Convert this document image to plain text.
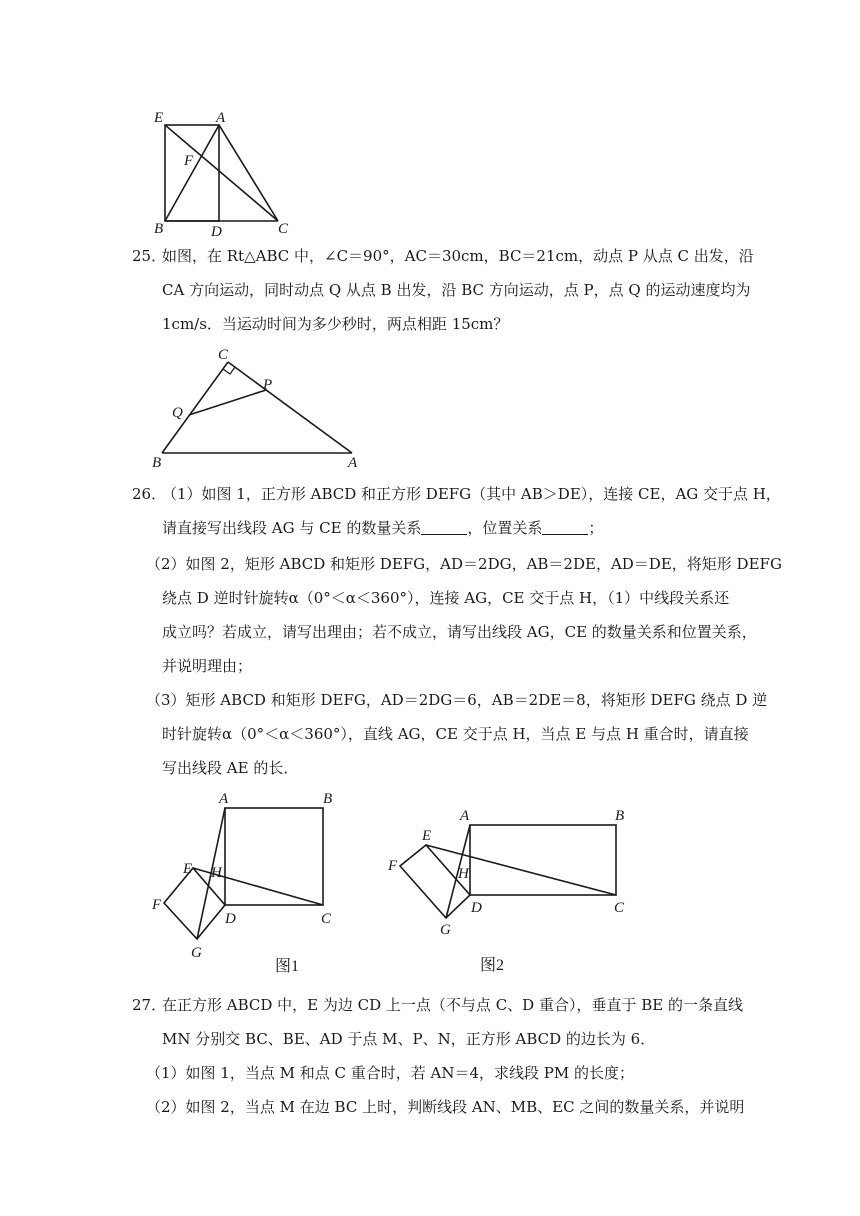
E	A
F
B	D	C
25．
如图，在 Rt△ABC 中，∠C＝90°，AC＝30cm，BC＝21cm，动点 P 从点 C 出发，沿
CA 方向运动，同时动点 Q 从点 B 出发，沿 BC 方向运动，点 P，点 Q 的运动速度均为
1cm/s．当运动时间为多少秒时，两点相距 15cm？
C
P
Q
B	A
26．
（1）如图 1，正方形 ABCD 和正方形 DEFG（其中 AB＞DE），连接 CE，AG 交于点 H，
请直接写出线段 AG 与 CE 的数量关系	，位置关系	；
（2）如图 2，矩形 ABCD 和矩形 DEFG，AD＝2DG，AB＝2DE，AD＝DE，将矩形 DEFG
绕点 D 逆时针旋转α（0°＜α＜360°），连接 AG，CE 交于点 H，（1）中线段关系还
成立吗？若成立，请写出理由；若不成立，请写出线段 AG，CE 的数量关系和位置关系，
并说明理由；
（3）矩形 ABCD 和矩形 DEFG，AD＝2DG＝6，AB＝2DE＝8，将矩形 DEFG 绕点 D 逆
时针旋转α（0°＜α＜360°），直线 AG，CE 交于点 H，当点 E 与点 H 重合时，请直接
写出线段 AE 的长．
A	B
E H
F
D	C
G
图1
A	B
E
F	H
D	C
G
图2
27．
在正方形 ABCD 中，E 为边 CD 上一点（不与点 C、D 重合），垂直于 BE 的一条直线
MN 分别交 BC、BE、AD 于点 M、P、N，正方形 ABCD 的边长为 6．
（1）如图 1，当点 M 和点 C 重合时，若 AN＝4，求线段 PM 的长度；
（2）如图 2，当点 M 在边 BC 上时，判断线段 AN、MB、EC 之间的数量关系，并说明
